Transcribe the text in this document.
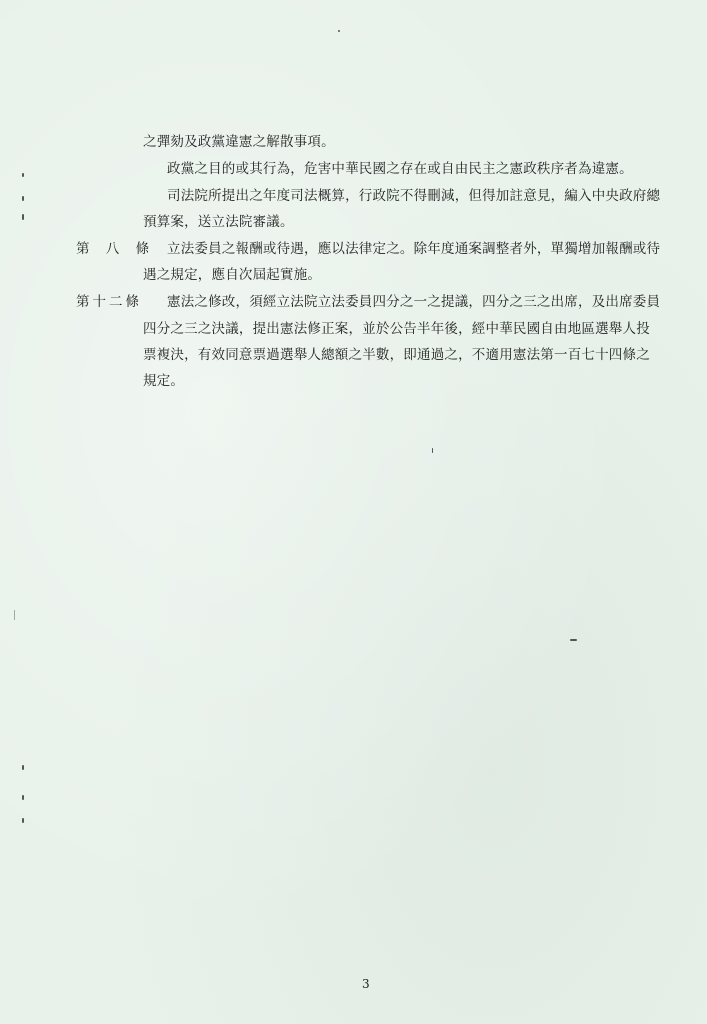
之彈劾及政黨違憲之解散事項。
政黨之目的或其行為，危害中華民國之存在或自由民主之憲政秩序者為違憲。
司法院所提出之年度司法概算，行政院不得刪減，但得加註意見，編入中央政府總
預算案，送立法院審議。
第 八 條 立法委員之報酬或待遇，應以法律定之。除年度通案調整者外，單獨增加報酬或待
遇之規定，應自次屆起實施。
第十二條 憲法之修改，須經立法院立法委員四分之一之提議，四分之三之出席，及出席委員
四分之三之決議，提出憲法修正案，並於公告半年後，經中華民國自由地區選舉人投
票複決，有效同意票過選舉人總額之半數，即通過之，不適用憲法第一百七十四條之
規定。
3
